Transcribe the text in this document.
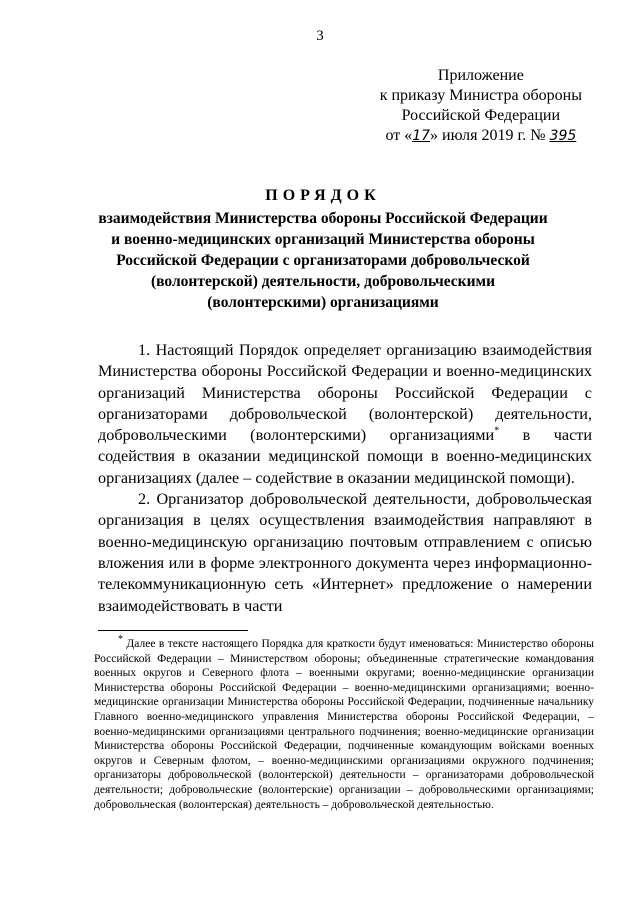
3
Приложение
к приказу Министра обороны
Российской Федерации
от «17» июля 2019 г. № 395
ПОРЯДОК
взаимодействия Министерства обороны Российской Федерации и военно-медицинских организаций Министерства обороны Российской Федерации с организаторами добровольческой (волонтерской) деятельности, добровольческими (волонтерскими) организациями

1. Настоящий Порядок определяет организацию взаимодействия Министерства обороны Российской Федерации и военно-медицинских организаций Министерства обороны Российской Федерации с организаторами добровольческой (волонтерской) деятельности, добровольческими (волонтерскими) организациями* в части содействия в оказании медицинской помощи в военно-медицинских организациях (далее – содействие в оказании медицинской помощи).

2. Организатор добровольческой деятельности, добровольческая организация в целях осуществления взаимодействия направляют в военно-медицинскую организацию почтовым отправлением с описью вложения или в форме электронного документа через информационно-телекоммуникационную сеть «Интернет» предложение о намерении взаимодействовать в части

* Далее в тексте настоящего Порядка для краткости будут именоваться: Министерство обороны Российской Федерации – Министерством обороны; объединенные стратегические командования военных округов и Северного флота – военными округами; военно-медицинские организации Министерства обороны Российской Федерации – военно-медицинскими организациями; военно-медицинские организации Министерства обороны Российской Федерации, подчиненные начальнику Главного военно-медицинского управления Министерства обороны Российской Федерации, – военно-медицинскими организациями центрального подчинения; военно-медицинские организации Министерства обороны Российской Федерации, подчиненные командующим войсками военных округов и Северным флотом, – военно-медицинскими организациями окружного подчинения; организаторы добровольческой (волонтерской) деятельности – организаторами добровольческой деятельности; добровольческие (волонтерские) организации – добровольческими организациями; добровольческая (волонтерская) деятельность – добровольческой деятельностью.
